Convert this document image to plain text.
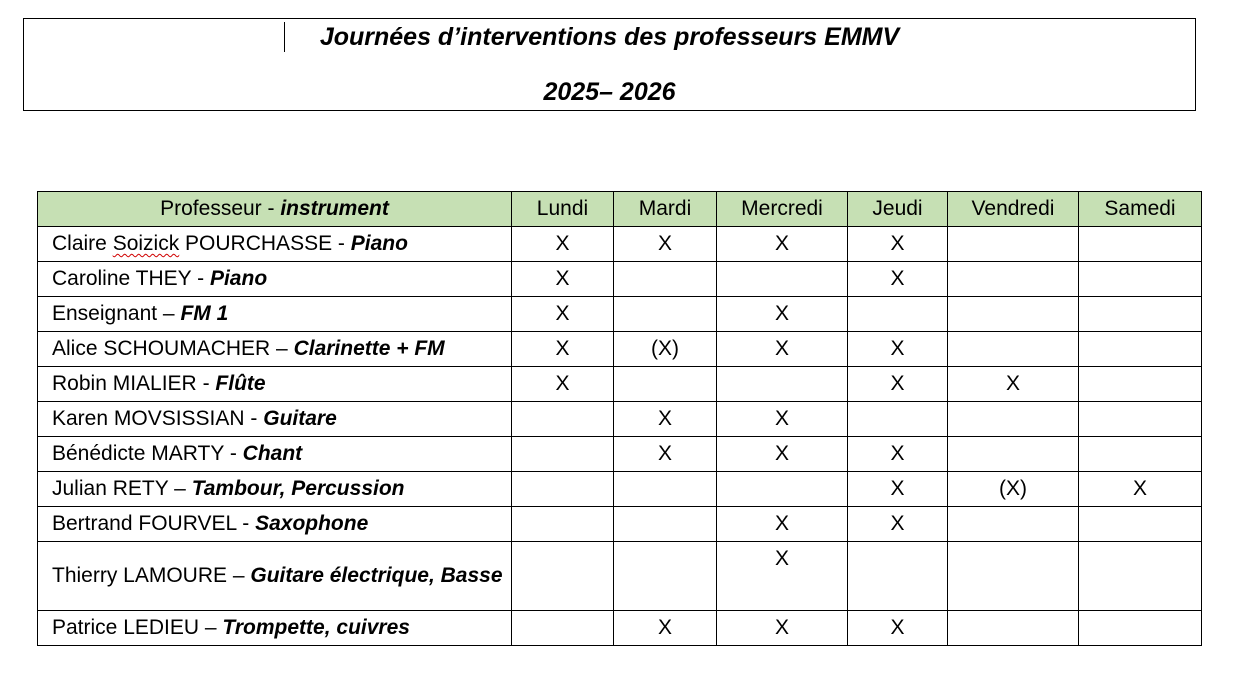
Journées d’interventions des professeurs EMMV
2025– 2026
Professeur - instrument	Lundi	Mardi	Mercredi	Jeudi	Vendredi	Samedi
Claire Soizick POURCHASSE - Piano	X	X	X	X		
Caroline THEY - Piano	X			X		
Enseignant – FM 1	X		X			
Alice SCHOUMACHER – Clarinette + FM	X	(X)	X	X		
Robin MIALIER - Flûte	X			X	X	
Karen MOVSISSIAN - Guitare		X	X			
Bénédicte MARTY - Chant		X	X	X		
Julian RETY – Tambour, Percussion				X	(X)	X
Bertrand FOURVEL - Saxophone			X	X		
Thierry LAMOURE – Guitare électrique, Basse			X			
Patrice LEDIEU – Trompette, cuivres		X	X	X		
